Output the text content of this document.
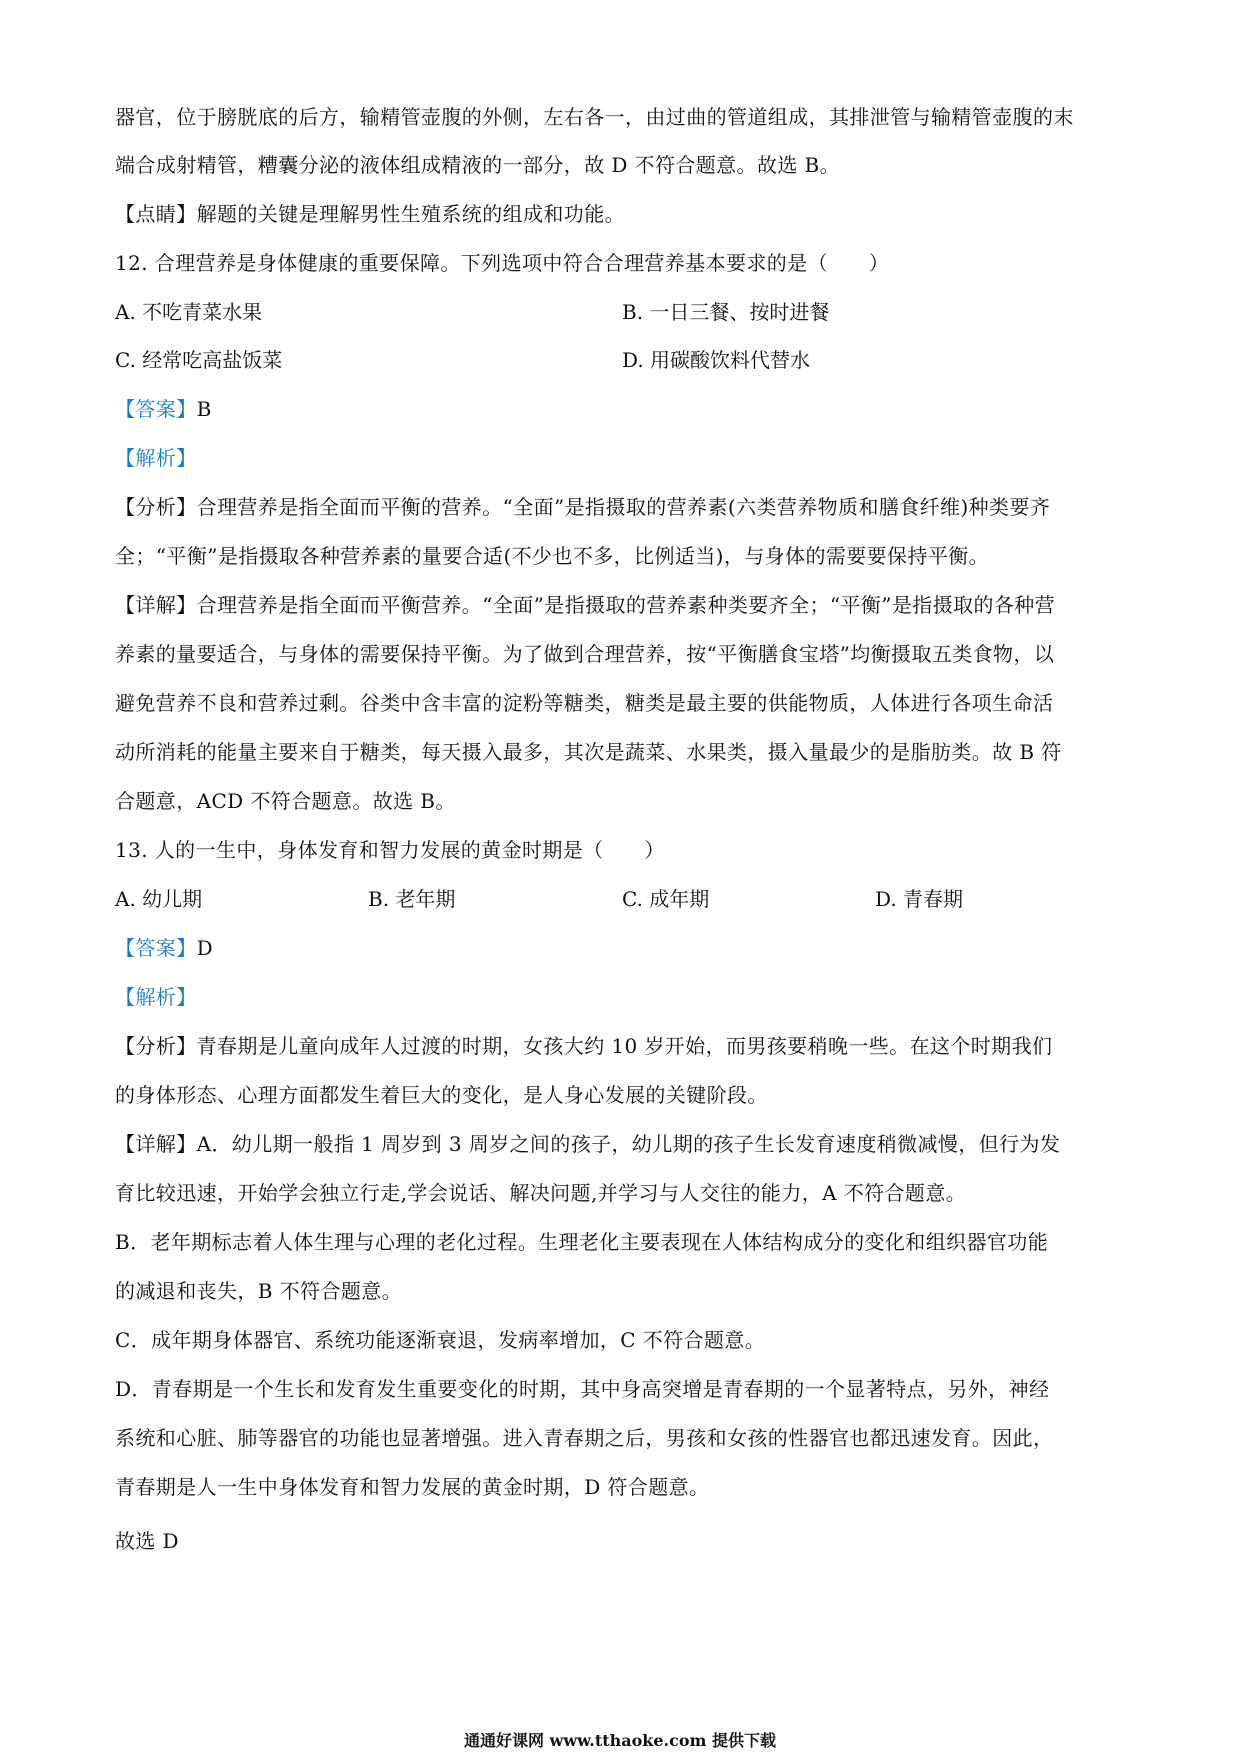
器官，位于膀胱底的后方，输精管壶腹的外侧，左右各一，由过曲的管道组成，其排泄管与输精管壶腹的末
端合成射精管，糟囊分泌的液体组成精液的一部分，故 D 不符合题意。故选 B。
【点睛】解题的关键是理解男性生殖系统的组成和功能。
12. 合理营养是身体健康的重要保障。下列选项中符合合理营养基本要求的是（　　）
A. 不吃青菜水果	B. 一日三餐、按时进餐
C. 经常吃高盐饭菜	D. 用碳酸饮料代替水
【答案】B
【解析】
【分析】合理营养是指全面而平衡的营养。“全面”是指摄取的营养素(六类营养物质和膳食纤维)种类要齐
全；“平衡”是指摄取各种营养素的量要合适(不少也不多，比例适当)，与身体的需要要保持平衡。
【详解】合理营养是指全面而平衡营养。“全面”是指摄取的营养素种类要齐全；“平衡”是指摄取的各种营
养素的量要适合，与身体的需要保持平衡。为了做到合理营养，按“平衡膳食宝塔”均衡摄取五类食物，以
避免营养不良和营养过剩。谷类中含丰富的淀粉等糖类，糖类是最主要的供能物质，人体进行各项生命活
动所消耗的能量主要来自于糖类，每天摄入最多，其次是蔬菜、水果类，摄入量最少的是脂肪类。故 B 符
合题意，ACD 不符合题意。故选 B。
13. 人的一生中，身体发育和智力发展的黄金时期是（　　）
A. 幼儿期	B. 老年期	C. 成年期	D. 青春期
【答案】D
【解析】
【分析】青春期是儿童向成年人过渡的时期，女孩大约 10 岁开始，而男孩要稍晚一些。在这个时期我们
的身体形态、心理方面都发生着巨大的变化，是人身心发展的关键阶段。
【详解】A．幼儿期一般指 1 周岁到 3 周岁之间的孩子，幼儿期的孩子生长发育速度稍微减慢，但行为发
育比较迅速，开始学会独立行走,学会说话、解决问题,并学习与人交往的能力，A 不符合题意。
B．老年期标志着人体生理与心理的老化过程。生理老化主要表现在人体结构成分的变化和组织器官功能
的减退和丧失，B 不符合题意。
C．成年期身体器官、系统功能逐渐衰退，发病率增加，C 不符合题意。
D．青春期是一个生长和发育发生重要变化的时期，其中身高突增是青春期的一个显著特点，另外，神经
系统和心脏、肺等器官的功能也显著增强。进入青春期之后，男孩和女孩的性器官也都迅速发育。因此，
青春期是人一生中身体发育和智力发展的黄金时期，D 符合题意。
故选 D
通通好课网 www.tthaoke.com 提供下载
